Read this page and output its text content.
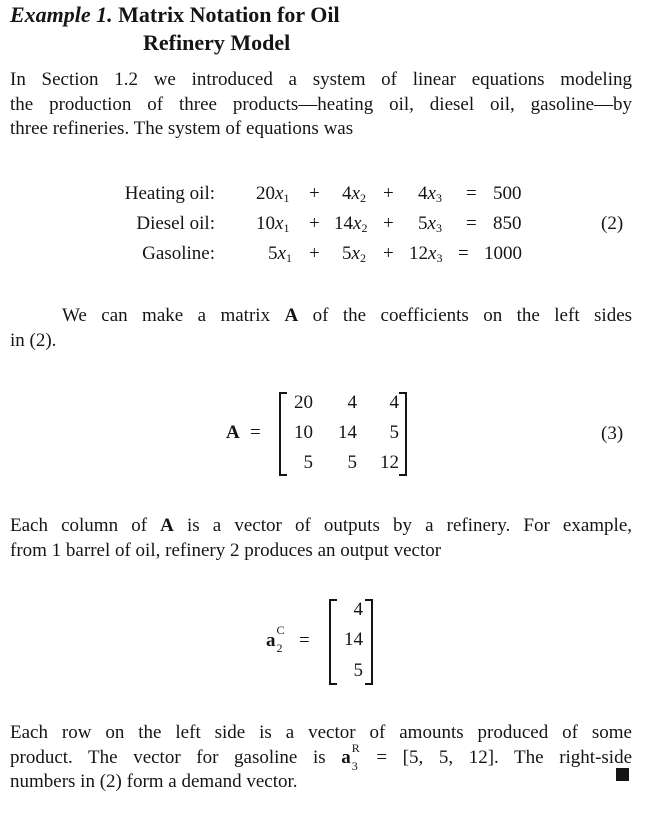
Example 1. Matrix Notation for Oil
Refinery Model
In Section 1.2 we introduced a system of linear equations modeling
the production of three products—heating oil, diesel oil, gasoline—by
three refineries. The system of equations was
Heating oil: $20x_1 + 4x_2 + 4x_3 = 500$
Diesel oil: $10x_1 + 14x_2 + 5x_3 = 850$	(2)
Gasoline:	$5x_1 + 5x_2 + 12x_3 = 1000$
We can make a matrix A of the coefficients on the left sides
in (2).
A =
20	4	4
10	14	5
5	5	12
(3)
Each column of A is a vector of outputs by a refinery. For example,
from 1 barrel of oil, refinery 2 produces an output vector
a C
2 =
4
14
5
Each row on the left side is a vector of amounts produced of some
product. The vector for gasoline is a R
3 = [5, 5, 12]. The right-side
numbers in (2) form a demand vector.
